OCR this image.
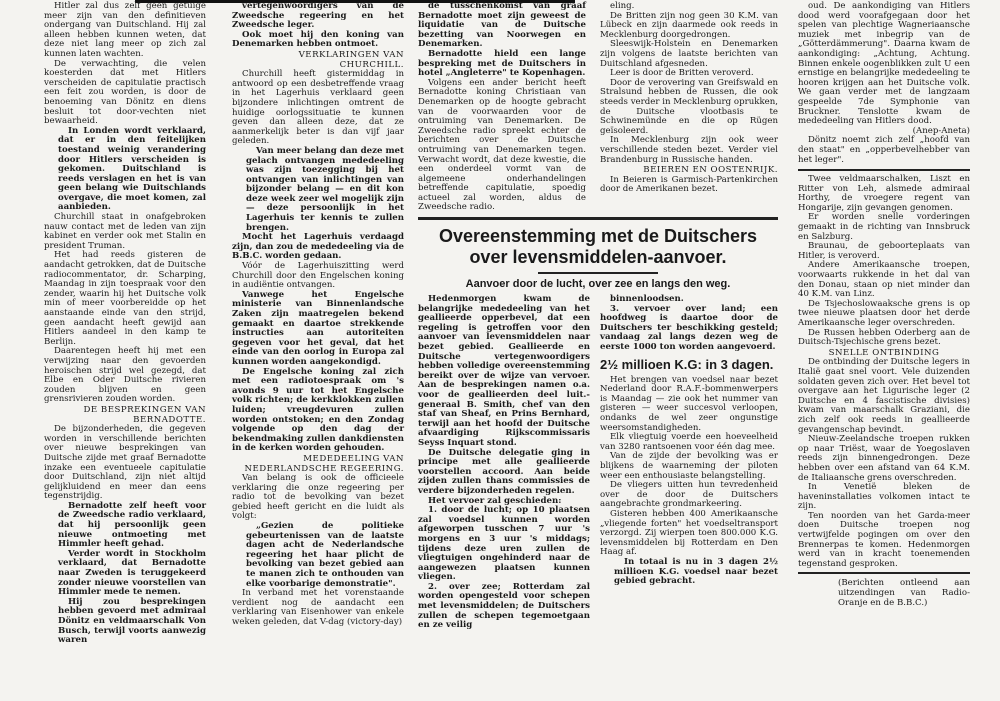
Hitler zal dus zelf geen getuige meer zijn van den definitieven ondergang van Duitschland. Hij zal alleen hebben kunnen weten, dat deze niet lang meer op zich zal kunnen laten wachten.

De verwachting, die velen koesterden dat met Hitlers verscheiden de capitulatie practisch een feit zou worden, is door de benoeming van Dönitz en diens besluit tot door-vechten niet bewaarheid.

In Londen wordt verklaard, dat er in den feitelijken toestand weinig verandering door Hitlers verscheiden is gekomen. Duitschland is reeds verslagen en het is van geen belang wie Duitschlands overgave, die moet komen, zal aanbieden.

Churchill staat in onafgebroken nauw contact met de leden van zijn kabinet en verder ook met Stalin en president Truman.

Het had reeds gisteren de aandacht getrokken, dat de Duitsche radiocommentator, dr. Scharping, Maandag in zijn toespraak voor den zender, waarin hij het Duitsche volk min of meer voorbereidde op het aanstaande einde van den strijd, geen aandacht heeft gewijd aan Hitlers aandeel in den kamp te Berlijn.

Daarentegen heeft hij met een verwijzing naar den gevoerden heroischen strijd wel gezegd, dat Elbe en Oder Duitsche rivieren zouden blijven en geen grensrivieren zouden worden.

DE BESPREKINGEN VAN BERNADOTTE.

De bijzonderheden, die gegeven worden in verschillende berichten over nieuwe besprekingen van Duitsche zijde met graaf Bernadotte inzake een eventueele capitulatie door Duitschland, zijn niet altijd gelijkluidend en meer dan eens tegenstrijdig.

Bernadotte zelf heeft voor de Zweedsche radio verklaard, dat hij persoonlijk geen nieuwe ontmoeting met Himmler heeft gehad.

Verder wordt in Stockholm verklaard, dat Bernadotte naar Zweden is teruggekeerd zonder nieuwe voorstellen van Himmler mede te nemen.

Hij zou besprekingen hebben gevoerd met admiraal Dönitz en veldmaarschalk Von Busch, terwijl voorts aanwezig waren

vertegenwoordigers van de Zweedsche regeering en het Zweedsche leger.

Ook moet hij den koning van Denemarken hebben ontmoet.

VERKLARINGEN VAN CHURCHILL.

Churchill heeft gistermiddag in antwoord op een desbetreffende vraag in het Lagerhuis verklaard geen bijzondere inlichtingen omtrent de huidige oorlogssituatie te kunnen geven dan alleen deze, dat ze aanmerkelijk beter is dan vijf jaar geleden.

Van meer belang dan deze met gelach ontvangen mededeeling was zijn toezegging bij het ontvangen van inlichtingen van bijzonder belang — en dit kon deze week zeer wel mogelijk zijn — deze persoonlijk in het Lagerhuis ter kennis te zullen brengen.

Mocht het Lagerhuis verdaagd zijn, dan zou de mededeeling via de B.B.C. worden gedaan.

Vóór de Lagerhuiszitting werd Churchill door den Engelschen koning in audiëntie ontvangen.

Vanwege het Engelsche ministerie van Binnenlandsche Zaken zijn maatregelen bekend gemaakt en daartoe strekkende instructies aan autoriteiten gegeven voor het geval, dat het einde van den oorlog in Europa zal kunnen worden aangekondigd.

De Engelsche koning zal zich met een radiotoespraak om 's avonds 9 uur tot het Engelsche volk richten; de kerkklokken zullen luiden; vreugdevuren zullen worden ontstoken; en den Zondag volgende op den dag der bekendmaking zullen dankdiensten in de kerken worden gehouden.

MEDEDEELING VAN NEDERLANDSCHE REGEERING.

Van belang is ook de officieele verklaring die onze regeering per radio tot de bevolking van bezet gebied heeft gericht en die luidt als volgt:

„Gezien de politieke gebeurtenissen van de laatste dagen acht de Nederlandsche regeering het haar plicht de bevolking van bezet gebied aan te manen zich te onthouden van elke voorbarige demonstratie".

In verband met het vorenstaande verdient nog de aandacht een verklaring van Eisenhower van enkele weken geleden, dat V-dag (victory-day)

de tusschenkomst van graaf Bernadotte moet zijn geweest de liquidatie van de Duitsche bezetting van Noorwegen en Denemarken.

Bernadotte hield een lange bespreking met de Duitschers in hotel „Angleterre" te Kopenhagen.

Volgens een ander bericht heeft Bernadotte koning Christiaan van Denemarken op de hoogte gebracht van de voorwaarden voor de ontruiming van Denemarken. De Zweedsche radio spreekt echter de berichten over de Duitsche ontruiming van Denemarken tegen. Verwacht wordt, dat deze kwestie, die een onderdeel vormt van de algemeene onderhandelingen betreffende capitulatie, spoedig actueel zal worden, aldus de Zweedsche radio.

eling.

De Britten zijn nog geen 30 K.M. van Lübeck en zijn daarmede ook reeds in Mecklenburg doorgedrongen.

Sleeswijk-Holstein en Denemarken zijn volgens de laatste berichten van Duitschland afgesneden.

Leer is door de Britten veroverd.

Door de verovering van Greifswald en Stralsund hebben de Russen, die ook steeds verder in Mecklenburg oprukken, de Duitsche vlootbasis te Schwinemünde en die op Rügen geïsoleerd.

In Mecklenburg zijn ook weer verschillende steden bezet. Verder viel Brandenburg in Russische handen.

BEIEREN EN OOSTENRIJK.

In Beieren is Garmisch-Partenkirchen door de Amerikanen bezet.

Overeenstemming met de Duitschers
over levensmiddelen-aanvoer.
Aanvoer door de lucht, over zee en langs den weg.

Hedenmorgen kwam de belangrijke mededeeling van het geallieerde opperbevel, dat een regeling is getroffen voor den aanvoer van levensmiddelen naar bezet gebied. Geallieerde en Duitsche vertegenwoordigers hebben volledige overeenstemming bereikt over de wijze van vervoer. Aan de besprekingen namen o.a. voor de geallieerden deel luit.-generaal B. Smith, chef van den staf van Sheaf, en Prins Bernhard, terwijl aan het hoofd der Duitsche afvaardiging Rijkscommissaris Seyss Inquart stond.

De Duitsche delegatie ging in principe met alle geallieerde voorstellen accoord. Aan beide zijden zullen thans commissies de verdere bijzonderheden regelen.

Het vervoer zal geschieden:

1. door de lucht; op 10 plaatsen zal voedsel kunnen worden afgeworpen tusschen 7 uur 's morgens en 3 uur 's middags; tijdens deze uren zullen de vliegtuigen ongehinderd naar de aangewezen plaatsen kunnen vliegen.

2. over zee; Rotterdam zal worden opengesteld voor schepen met levensmiddelen; de Duitschers zullen de schepen tegemoetgaan en ze veilig

binnenloodsen.

3. vervoer over land; een hoofdweg is daartoe door de Duitschers ter beschikking gesteld; vandaag zal langs dezen weg de eerste 1000 ton worden aangevoerd.

2½ millioen K.G: in 3 dagen.

Het brengen van voedsel naar bezet Nederland door R.A.F.-bommenwerpers is Maandag — zie ook het nummer van gisteren — weer succesvol verloopen, ondanks de wel zeer ongunstige weersomstandigheden.

Elk vliegtuig voerde een hoeveelheid van 3280 rantsoenen voor één dag mee.

Van de zijde der bevolking was er blijkens de waarneming der piloten weer een enthousiaste belangstelling.

De vliegers uitten hun tevredenheid over de door de Duitschers aangebrachte grondmarkeering.

Gisteren hebben 400 Amerikaansche „vliegende forten" het voedseltransport verzorgd. Zij wierpen toen 800.000 K.G. levensmiddelen bij Rotterdam en Den Haag af.

In totaal is nu in 3 dagen 2½ millioen K.G. voedsel naar bezet gebied gebracht.

oud. De aankondiging van Hitlers dood werd voorafgegaan door het spelen van plechtige Wagneriaansche muziek met inbegrip van de „Götterdämmerung". Daarna kwam de aankondiging: „Achtung, Achtung. Binnen enkele oogenblikken zult U een ernstige en belangrijke mededeeling te hooren krijgen aan het Duitsche volk. We gaan verder met de langzaam gespeelde 7de Symphonie van Bruckner. Tenslotte kwam de mededeeling van Hitlers dood.

(Anep-Aneta)

Dönitz noemt zich zelf „hoofd van den staat" en „opperbevelhebber van het leger".

Twee veldmaarschalken, Liszt en Ritter von Leh, alsmede admiraal Horthy, de vroegere regent van Hongarije, zijn gevangen genomen.

Er worden snelle vorderingen gemaakt in de richting van Innsbruck en Salzburg.

Braunau, de geboorteplaats van Hitler, is veroverd.

Andere Amerikaansche troepen, voorwaarts rukkende in het dal van den Donau, staan op niet minder dan 40 K.M. van Linz.

De Tsjechoslowaaksche grens is op twee nieuwe plaatsen door het derde Amerikaansche leger overschreden.

De Russen hebben Oderberg aan de Duitsch-Tsjechische grens bezet.

SNELLE ONTBINDING

De ontbinding der Duitsche legers in Italië gaat snel voort. Vele duizenden soldaten geven zich over. Het bevel tot overgave aan het Ligurische leger (2 Duitsche en 4 fascistische divisies) kwam van maarschalk Graziani, die zich zelf ook reeds in geallieerde gevangenschap bevindt.

Nieuw-Zeelandsche troepen rukken op naar Triëst, waar de Yoegoslaven reeds zijn binnengedrongen. Deze hebben over een afstand van 64 K.M. de Italiaansche grens overschreden.

In Venetië bleken de haveninstallaties volkomen intact te zijn.

Ten noorden van het Garda-meer doen Duitsche troepen nog vertwijfelde pogingen om over den Brennerpas te komen. Hedenmorgen werd van in kracht toenemenden tegenstand gesproken.

(Berichten ontleend aan uitzendingen van Radio-Oranje en de B.B.C.)
